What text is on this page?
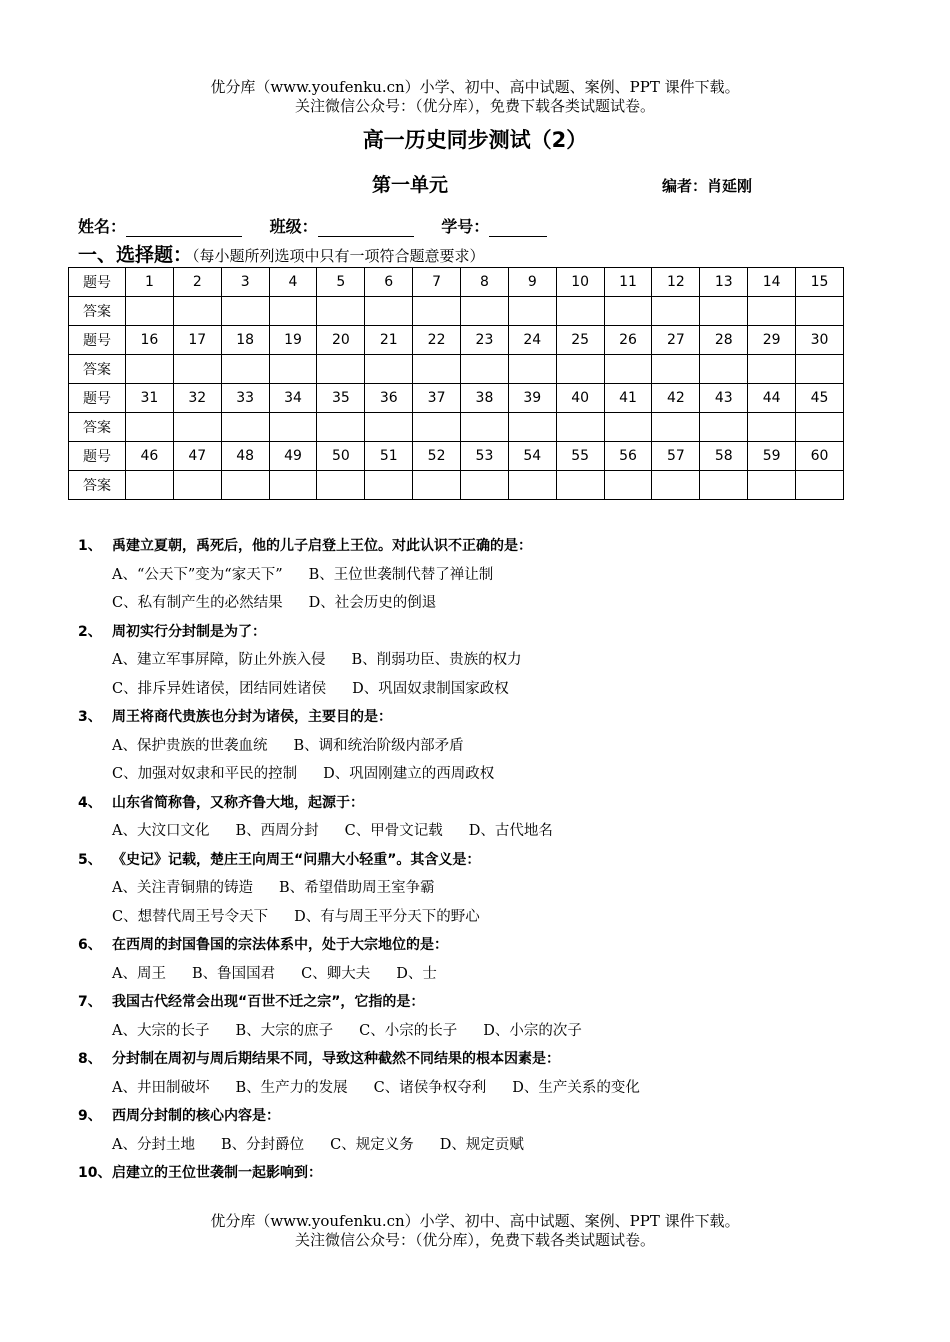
优分库（www.youfenku.cn）小学、初中、高中试题、案例、PPT 课件下载。
关注微信公众号：（优分库），免费下载各类试题试卷。
高一历史同步测试（2）
第一单元	编者：肖延刚
姓名：	班级：	学号：
一、选择题：（每小题所列选项中只有一项符合题意要求）
题号	1	2	3	4	5	6	7	8	9	10	11	12	13	14	15
答案															
题号	16	17	18	19	20	21	22	23	24	25	26	27	28	29	30
答案															
题号	31	32	33	34	35	36	37	38	39	40	41	42	43	44	45
答案															
题号	46	47	48	49	50	51	52	53	54	55	56	57	58	59	60
答案															
1、 禹建立夏朝，禹死后，他的儿子启登上王位。对此认识不正确的是：
A、“公天下”变为“家天下” B、王位世袭制代替了禅让制
C、私有制产生的必然结果 D、社会历史的倒退
2、 周初实行分封制是为了：
A、建立军事屏障，防止外族入侵 B、削弱功臣、贵族的权力
C、排斥异姓诸侯，团结同姓诸侯 D、巩固奴隶制国家政权
3、 周王将商代贵族也分封为诸侯，主要目的是：
A、保护贵族的世袭血统 B、调和统治阶级内部矛盾
C、加强对奴隶和平民的控制 D、巩固刚建立的西周政权
4、 山东省简称鲁，又称齐鲁大地，起源于：
A、大汶口文化 B、西周分封 C、甲骨文记载 D、古代地名
5、 《史记》记载，楚庄王向周王“问鼎大小轻重”。其含义是：
A、关注青铜鼎的铸造 B、希望借助周王室争霸
C、想替代周王号令天下 D、有与周王平分天下的野心
6、 在西周的封国鲁国的宗法体系中，处于大宗地位的是：
A、周王 B、鲁国国君 C、卿大夫 D、士
7、 我国古代经常会出现“百世不迁之宗”，它指的是：
A、大宗的长子 B、大宗的庶子 C、小宗的长子 D、小宗的次子
8、 分封制在周初与周后期结果不同，导致这种截然不同结果的根本因素是：
A、井田制破坏 B、生产力的发展 C、诸侯争权夺利 D、生产关系的变化
9、 西周分封制的核心内容是：
A、分封土地 B、分封爵位 C、规定义务 D、规定贡赋
10、启建立的王位世袭制一起影响到：
优分库（www.youfenku.cn）小学、初中、高中试题、案例、PPT 课件下载。
关注微信公众号：（优分库），免费下载各类试题试卷。
